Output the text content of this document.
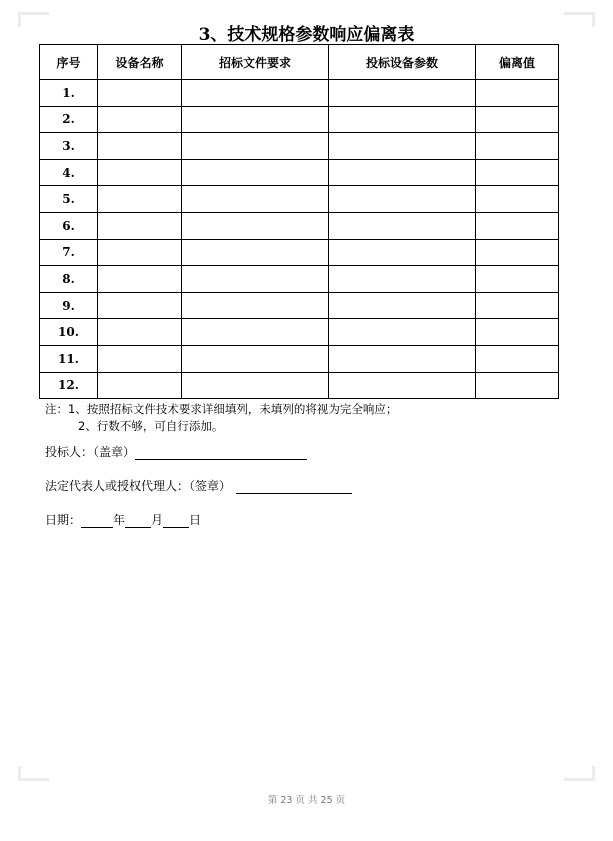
3、技术规格参数响应偏离表
序号	设备名称	招标文件要求	投标设备参数	偏离值
1.				
2.				
3.				
4.				
5.				
6.				
7.				
8.				
9.				
10.				
11.				
12.				
注：1、按照招标文件技术要求详细填列，未填列的将视为完全响应；
2、行数不够，可自行添加。
投标人：（盖章）
法定代表人或授权代理人：（签章）
日期：	年 月 日
第 23 页 共 25 页
